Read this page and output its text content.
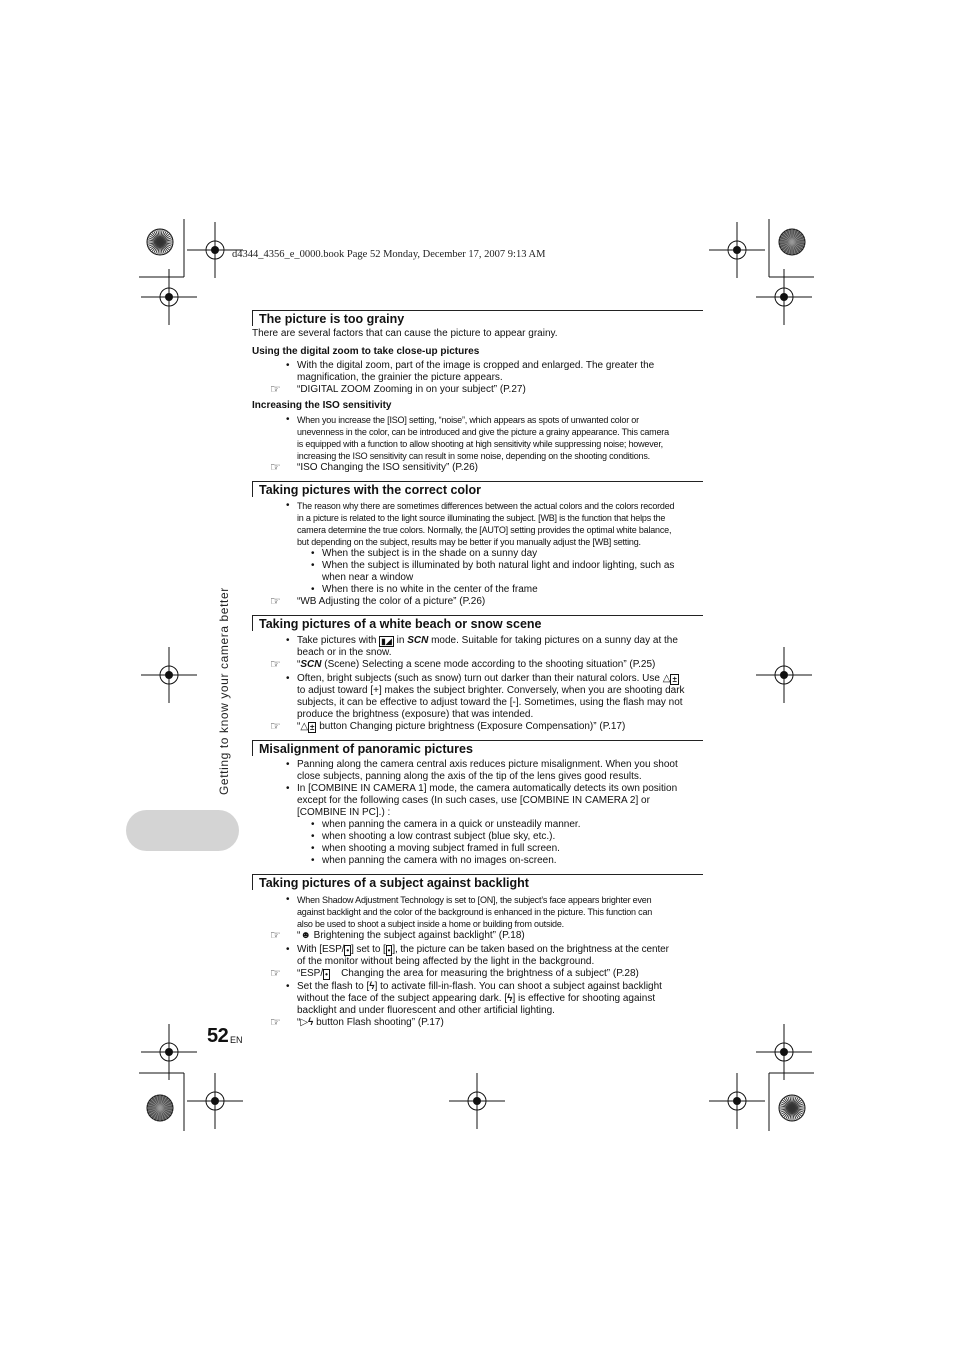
d4344_4356_e_0000.book Page 52 Monday, December 17, 2007 9:13 AM
Getting to know your camera better
52 EN
The picture is too grainy
There are several factors that can cause the picture to appear grainy.
Using the digital zoom to take close-up pictures
• With the digital zoom, part of the image is cropped and enlarged. The greater the
magnification, the grainier the picture appears.
☞ “DIGITAL ZOOM Zooming in on your subject” (P.27)
Increasing the ISO sensitivity
• When you increase the [ISO] setting, “noise”, which appears as spots of unwanted color or
unevenness in the color, can be introduced and give the picture a grainy appearance. This camera
is equipped with a function to allow shooting at high sensitivity while suppressing noise; however,
increasing the ISO sensitivity can result in some noise, depending on the shooting conditions.
☞ “ISO Changing the ISO sensitivity” (P.26)
Taking pictures with the correct color
• The reason why there are sometimes differences between the actual colors and the colors recorded
in a picture is related to the light source illuminating the subject. [WB] is the function that helps the
camera determine the true colors. Normally, the [AUTO] setting provides the optimal white balance,
but depending on the subject, results may be better if you manually adjust the [WB] setting.
• When the subject is in the shade on a sunny day
• When the subject is illuminated by both natural light and indoor lighting, such as
when near a window
• When there is no white in the center of the frame
☞ “WB Adjusting the color of a picture” (P.26)
Taking pictures of a white beach or snow scene
• Take pictures with ▮◢ in SCN mode. Suitable for taking pictures on a sunny day at the
beach or in the snow.
☞ “SCN (Scene) Selecting a scene mode according to the shooting situation” (P.25)
• Often, bright subjects (such as snow) turn out darker than their natural colors. Use △ ±
to adjust toward [+] makes the subject brighter. Conversely, when you are shooting dark
subjects, it can be effective to adjust toward the [-]. Sometimes, using the flash may not
produce the brightness (exposure) that was intended.
☞ “△ ± button Changing picture brightness (Exposure Compensation)” (P.17)
Misalignment of panoramic pictures
• Panning along the camera central axis reduces picture misalignment. When you shoot
close subjects, panning along the axis of the tip of the lens gives good results.
• In [COMBINE IN CAMERA 1] mode, the camera automatically detects its own position
except for the following cases (In such cases, use [COMBINE IN CAMERA 2] or
[COMBINE IN PC].) :
• when panning the camera in a quick or unsteadily manner.
• when shooting a low contrast subject (blue sky, etc.).
• when shooting a moving subject framed in full screen.
• when panning the camera with no images on-screen.
Taking pictures of a subject against backlight
• When Shadow Adjustment Technology is set to [ON], the subject’s face appears brighter even
against backlight and the color of the background is enhanced in the picture. This function can
also be used to shoot a subject inside a home or building from outside.
☞ “☻ Brightening the subject against backlight” (P.18)
• With [ESP/ • ] set to [ • ], the picture can be taken based on the brightness at the center
of the monitor without being affected by the light in the background.
☞ “ESP/ • Changing the area for measuring the brightness of a subject” (P.28)
• Set the flash to [ϟ] to activate fill-in-flash. You can shoot a subject against backlight
without the face of the subject appearing dark. [ϟ] is effective for shooting against
backlight and under fluorescent and other artificial lighting.
☞ “▷ϟ button Flash shooting” (P.17)
